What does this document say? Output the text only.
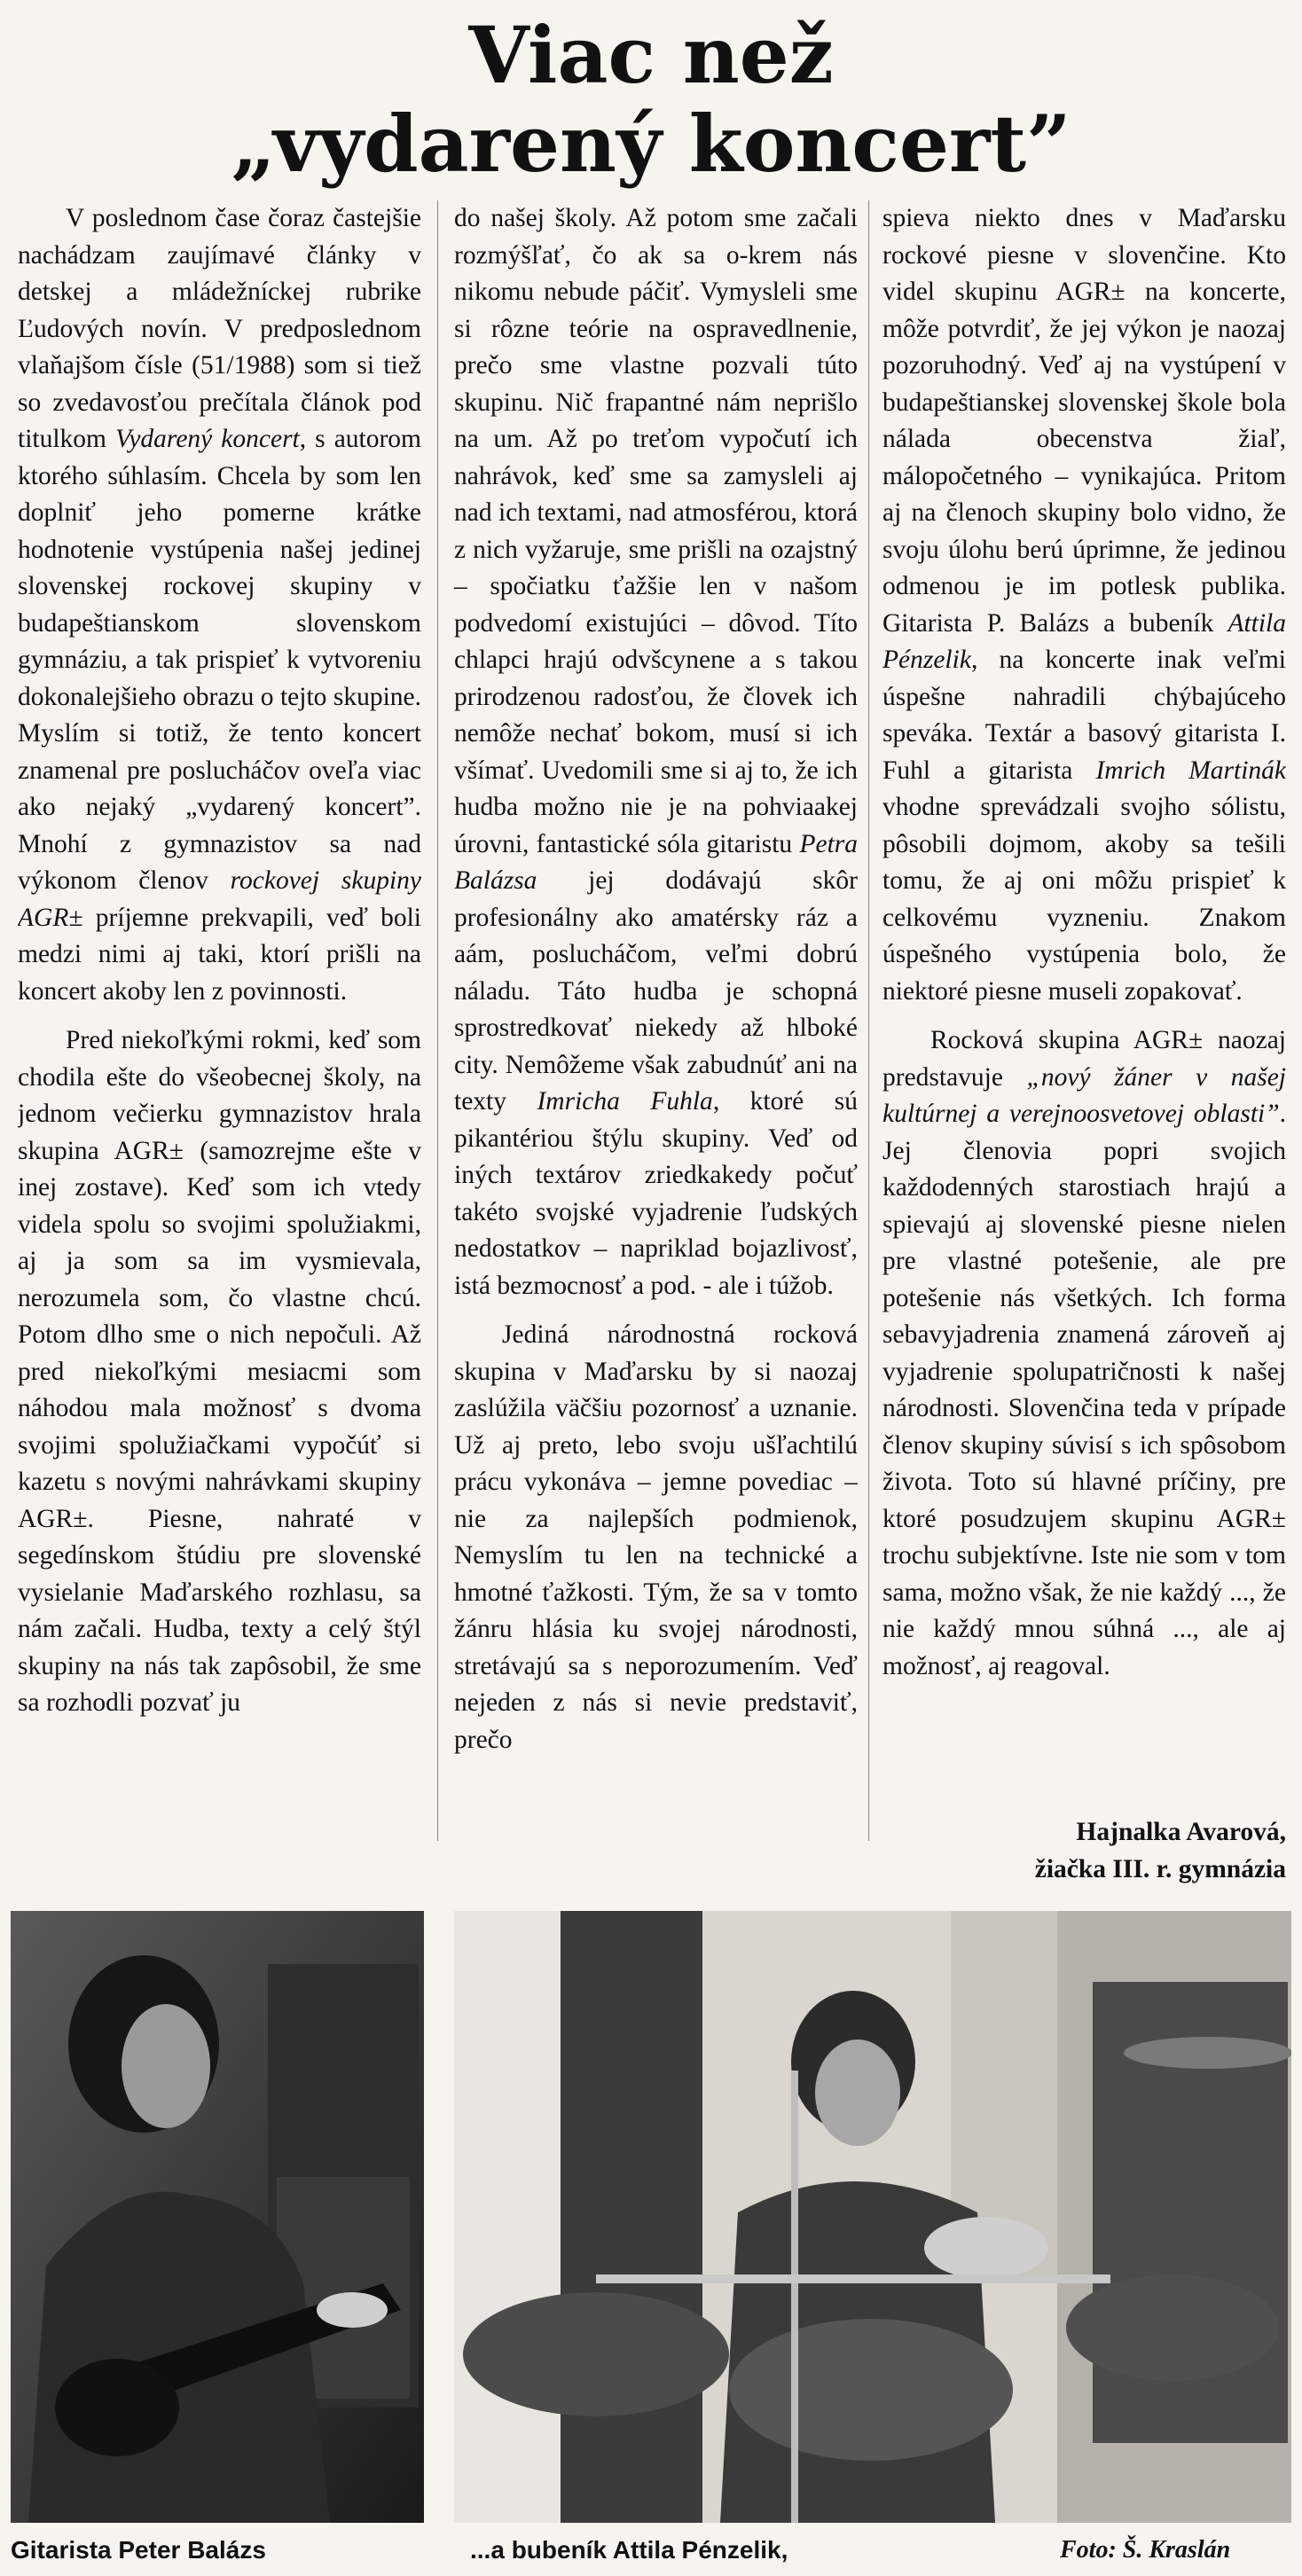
Viac než
„vydarený koncert”

V poslednom čase čoraz častejšie nachádzam zaujímavé články v detskej a mládežníckej rubrike Ľudových novín. V predposlednom vlaňajšom čísle (51/1988) som si tiež so zvedavosťou prečítala článok pod titulkom Vydarený koncert, s autorom ktorého súhlasím. Chcela by som len doplniť jeho pomerne krátke hodnotenie vystúpenia našej jedinej slovenskej rockovej skupiny v budapeštianskom slovenskom gymnáziu, a tak prispieť k vytvoreniu dokonalejšieho obrazu o tejto skupine. Myslím si totiž, že tento koncert znamenal pre poslucháčov oveľa viac ako nejaký „vydarený koncert”. Mnohí z gymnazistov sa nad výkonom členov rockovej skupiny AGR± príjemne prekvapili, veď boli medzi nimi aj taki, ktorí prišli na koncert akoby len z povinnosti.

Pred niekoľkými rokmi, keď som chodila ešte do všeobecnej školy, na jednom večierku gymnazistov hrala skupina AGR± (samozrejme ešte v inej zostave). Keď som ich vtedy videla spolu so svojimi spolužiakmi, aj ja som sa im vysmievala, nerozumela som, čo vlastne chcú. Potom dlho sme o nich nepočuli. Až pred niekoľkými mesiacmi som náhodou mala možnosť s dvoma svojimi spolužiačkami vypočúť si kazetu s novými nahrávkami skupiny AGR±. Piesne, nahraté v segedínskom štúdiu pre slovenské vysielanie Maďarského rozhlasu, sa nám začali. Hudba, texty a celý štýl skupiny na nás tak zapôsobil, že sme sa rozhodli pozvať ju

do našej školy. Až potom sme začali rozmýšľať, čo ak sa o-krem nás nikomu nebude páčiť. Vymysleli sme si rôzne teórie na ospravedlnenie, prečo sme vlastne pozvali túto skupinu. Nič frapantné nám neprišlo na um. Až po treťom vypočutí ich nahrávok, keď sme sa zamysleli aj nad ich textami, nad atmosférou, ktorá z nich vyžaruje, sme prišli na ozajstný – spočiatku ťažšie len v našom podvedomí existujúci – dôvod. Títo chlapci hrajú odvšcynene a s takou prirodzenou radosťou, že človek ich nemôže nechať bokom, musí si ich všímať. Uvedomili sme si aj to, že ich hudba možno nie je na pohviaakej úrovni, fantastické sóla gitaristu Petra Balázsa jej dodávajú skôr profesionálny ako amatérsky ráz a aám, poslucháčom, veľmi dobrú náladu. Táto hudba je schopná sprostredkovať niekedy až hlboké city. Nemôžeme však zabudnúť ani na texty Imricha Fuhla, ktoré sú pikantériou štýlu skupiny. Veď od iných textárov zriedkakedy počuť takéto svojské vyjadrenie ľudských nedostatkov – napriklad bojazlivosť, istá bezmocnosť a pod. - ale i túžob.

Jediná národnostná rocková skupina v Maďarsku by si naozaj zaslúžila väčšiu pozornosť a uznanie. Už aj preto, lebo svoju ušľachtilú prácu vykonáva – jemne povediac – nie za najlepších podmienok, Nemyslím tu len na technické a hmotné ťažkosti. Tým, že sa v tomto žánru hlásia ku svojej národnosti, stretávajú sa s neporozumením. Veď nejeden z nás si nevie predstaviť, prečo

spieva niekto dnes v Maďarsku rockové piesne v slovenčine. Kto videl skupinu AGR± na koncerte, môže potvrdiť, že jej výkon je naozaj pozoruhodný. Veď aj na vystúpení v budapeštianskej slovenskej škole bola nálada obecenstva žiaľ, málopočetného – vynikajúca. Pritom aj na členoch skupiny bolo vidno, že svoju úlohu berú úprimne, že jedinou odmenou je im potlesk publika. Gitarista P. Balázs a bubeník Attila Pénzelik, na koncerte inak veľmi úspešne nahradili chýbajúceho speváka. Textár a basový gitarista I. Fuhl a gitarista Imrich Martinák vhodne sprevádzali svojho sólistu, pôsobili dojmom, akoby sa tešili tomu, že aj oni môžu prispieť k celkovému vyzneniu. Znakom úspešného vystúpenia bolo, že niektoré piesne museli zopakovať.

Rocková skupina AGR± naozaj predstavuje „nový žáner v našej kultúrnej a verejnoosvetovej oblasti”. Jej členovia popri svojich každodenných starostiach hrajú a spievajú aj slovenské piesne nielen pre vlastné potešenie, ale pre potešenie nás všetkých. Ich forma sebavyjadrenia znamená zároveň aj vyjadrenie spolupatričnosti k našej národnosti. Slovenčina teda v prípade členov skupiny súvisí s ich spôsobom života. Toto sú hlavné príčiny, pre ktoré posudzujem skupinu AGR± trochu subjektívne. Iste nie som v tom sama, možno však, že nie každý ..., že nie každý mnou súhná ..., ale aj možnosť, aj reagoval.

Hajnalka Avarová,
žiačka III. r. gymnázia
Gitarista Peter Balázs	...a bubeník Attila Pénzelik,	Foto: Š. Kraslán
